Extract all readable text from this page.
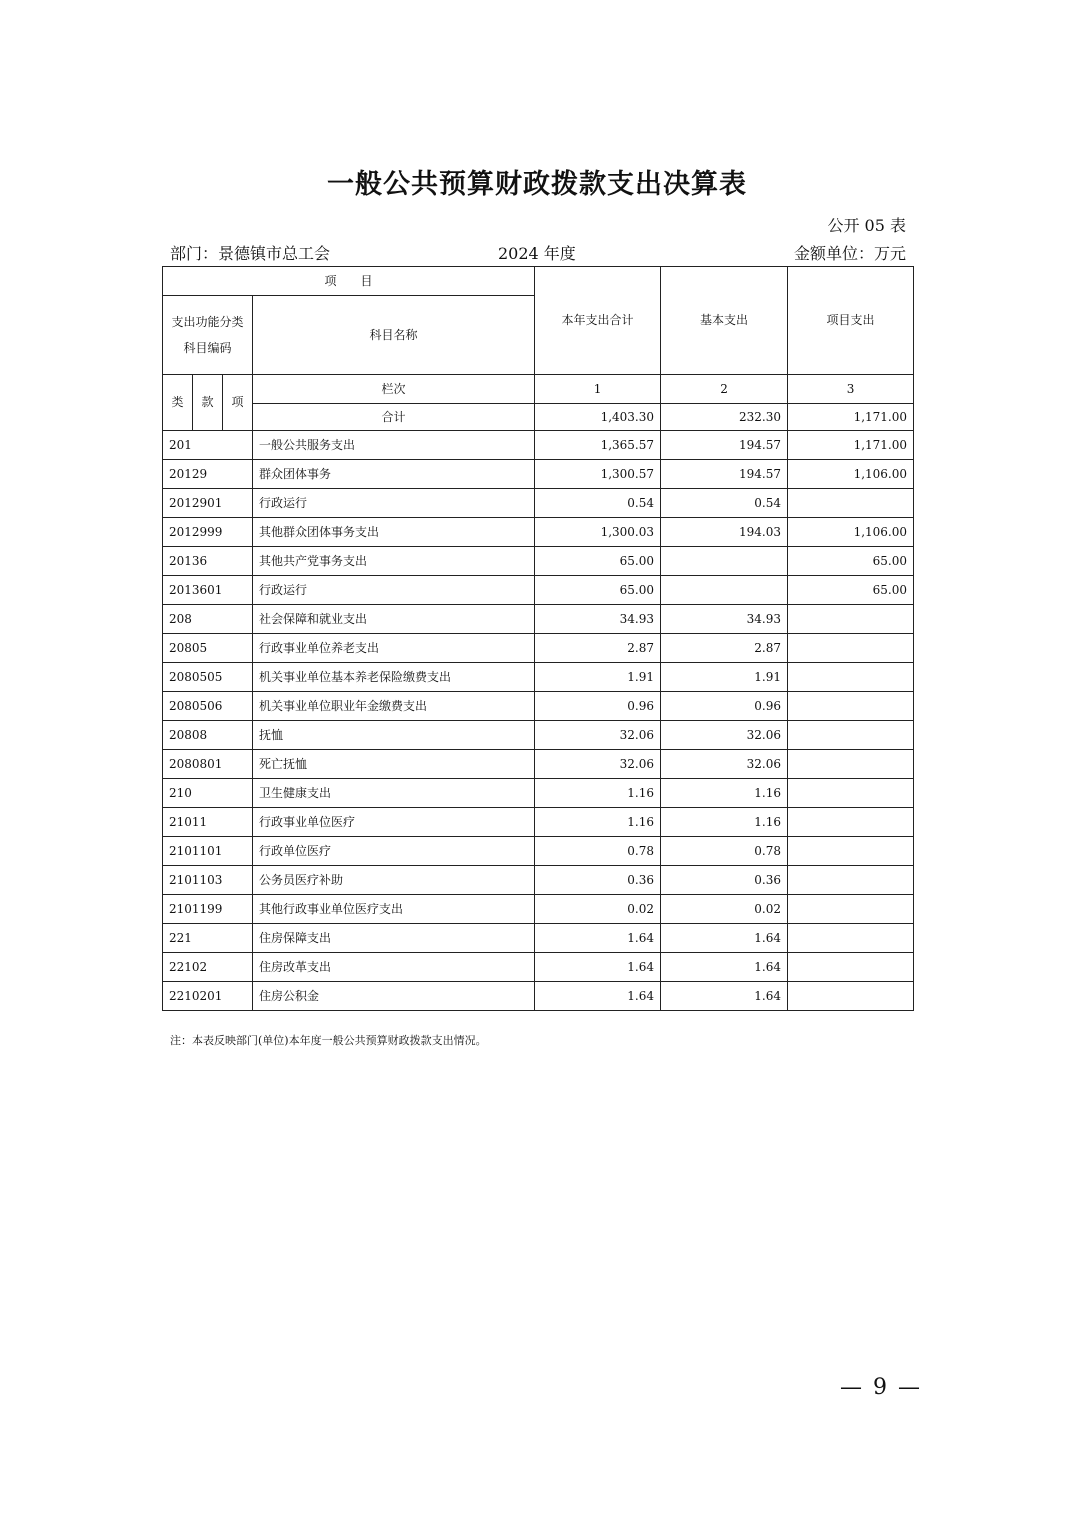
一般公共预算财政拨款支出决算表
公开 05 表
部门：景德镇市总工会	2024 年度	金额单位：万元
项　　目				本年支出合计	基本支出	项目支出

支出功能分类
科目编码			科目名称			
类	款	项	栏次	1	2	3
			合计	1,403.30	232.30	1,171.00
201			一般公共服务支出	1,365.57	194.57	1,171.00
20129			群众团体事务	1,300.57	194.57	1,106.00
2012901			行政运行	0.54	0.54	
2012999			其他群众团体事务支出	1,300.03	194.03	1,106.00
20136			其他共产党事务支出	65.00		65.00
2013601			行政运行	65.00		65.00
208			社会保障和就业支出	34.93	34.93	
20805			行政事业单位养老支出	2.87	2.87	
2080505			机关事业单位基本养老保险缴费支出	1.91	1.91	
2080506			机关事业单位职业年金缴费支出	0.96	0.96	
20808			抚恤	32.06	32.06	
2080801			死亡抚恤	32.06	32.06	
210			卫生健康支出	1.16	1.16	
21011			行政事业单位医疗	1.16	1.16	
2101101			行政单位医疗	0.78	0.78	
2101103			公务员医疗补助	0.36	0.36	
2101199			其他行政事业单位医疗支出	0.02	0.02	
221			住房保障支出	1.64	1.64	
22102			住房改革支出	1.64	1.64	
2210201			住房公积金	1.64	1.64	
注：本表反映部门(单位)本年度一般公共预算财政拨款支出情况。
— 9 —
